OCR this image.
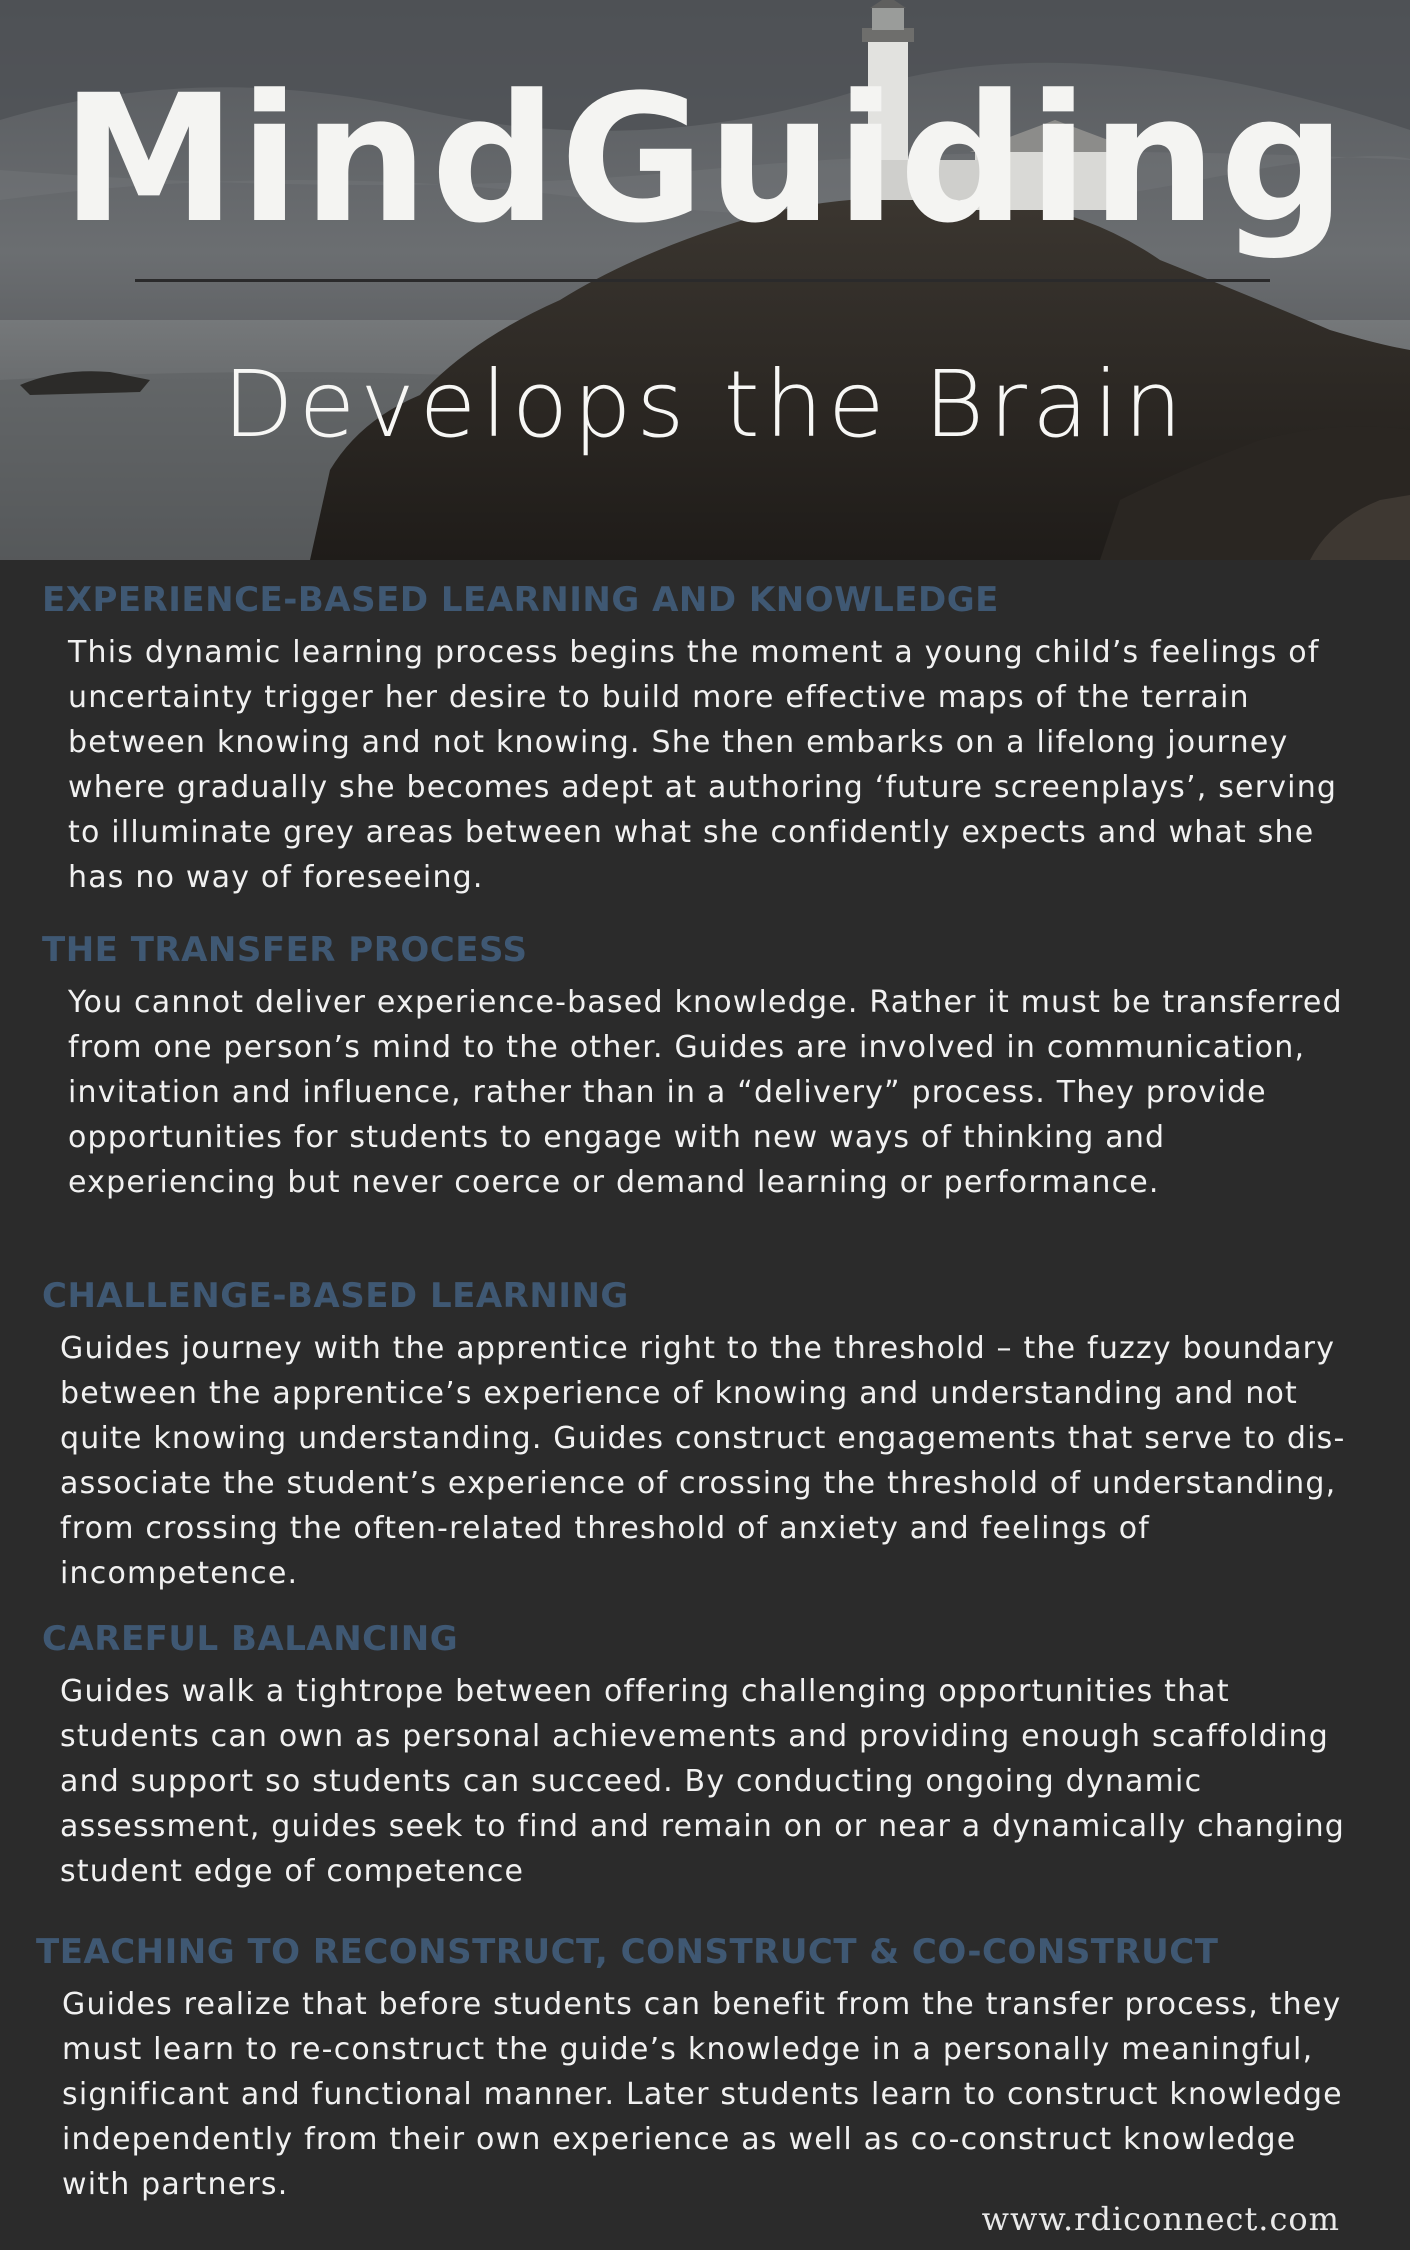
MindGuiding
Develops the Brain
EXPERIENCE-BASED LEARNING AND KNOWLEDGE

This dynamic learning process begins the moment a young child’s feelings of uncertainty trigger her desire to build more effective maps of the terrain between knowing and not knowing. She then embarks on a lifelong journey where gradually she becomes adept at authoring ‘future screenplays’, serving to illuminate grey areas between what she confidently expects and what she has no way of foreseeing.

THE TRANSFER PROCESS

You cannot deliver experience-based knowledge. Rather it must be transferred from one person’s mind to the other. Guides are involved in communication, invitation and influence, rather than in a “delivery” process. They provide opportunities for students to engage with new ways of thinking and experiencing but never coerce or demand learning or performance.

CHALLENGE-BASED LEARNING

Guides journey with the apprentice right to the threshold – the fuzzy boundary between the apprentice’s experience of knowing and understanding and not quite knowing understanding. Guides construct engagements that serve to dis-associate the student’s experience of crossing the threshold of understanding, from crossing the often-related threshold of anxiety and feelings of incompetence.

CAREFUL BALANCING

Guides walk a tightrope between offering challenging opportunities that students can own as personal achievements and providing enough scaffolding and support so students can succeed. By conducting ongoing dynamic assessment, guides seek to find and remain on or near a dynamically changing student edge of competence

TEACHING TO RECONSTRUCT, CONSTRUCT & CO-CONSTRUCT

Guides realize that before students can benefit from the transfer process, they must learn to re-construct the guide’s knowledge in a personally meaningful, significant and functional manner. Later students learn to construct knowledge independently from their own experience as well as co-construct knowledge with partners.

www.rdiconnect.com
